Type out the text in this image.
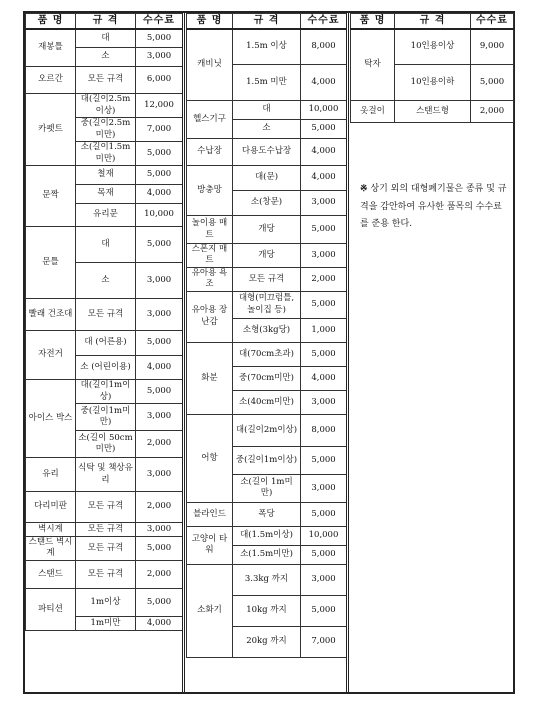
품 명	규 격	수수료
재봉틀	대	5,000
	소	3,000
오르간	모든 규격	6,000
카펫트	대(길이2.5m이상)	12,000
	중(길이2.5m미만)	7,000
	소(길이1.5m미만)	5,000
문짝	철재	5,000
	목재	4,000
	유리문	10,000
문틀	대	5,000
	소	3,000
빨래 건조대	모든 규격	3,000
자전거	대 (어른용)	5,000
	소 (어린이용)	4,000
아이스 박스	대(길이1m이상)	5,000
	중(길이1m미만)	3,000
	소(길이 50cm미만)	2,000
유리	식탁 및 책상유리	3,000
다리미판	모든 규격	2,000
벽시계	모든 규격	3,000
스탠드 벽시계	모든 규격	5,000
스탠드	모든 규격	2,000
파티션	1m이상	5,000
	1m미만	4,000
품 명	규 격	수수료
캐비닛	1.5m 이상	8,000
	1.5m 미만	4,000
헬스기구	대	10,000
	소	5,000
수납장	다용도수납장	4,000
방충망	대(문)	4,000
	소(창문)	3,000
놀이용 매트	개당	5,000
스폰지 매트	개당	3,000
유아용 욕조	모든 규격	2,000
유아용 장난감	대형(미끄럼틀, 놀이집 등)	5,000
	소형(3kg당)	1,000
화분	대(70cm초과)	5,000
	중(70cm미만)	4,000
	소(40cm미만)	3,000
어항	대(길이2m이상)	8,000
	중(길이1m이상)	5,000
	소(길이 1m미만)	3,000
블라인드	폭당	5,000
고양이 타워	대(1.5m이상)	10,000
	소(1.5m미만)	5,000
소화기	3.3kg 까지	3,000
	10kg 까지	5,000
	20kg 까지	7,000
품 명	규 격	수수료
탁자	10인용이상	9,000
	10인용이하	5,000
옷걸이	스탠드형	2,000
※ 상기 외의 대형폐기물은 종류 및 규격을 감안하여 유사한 품목의 수수료를 준용 한다.
